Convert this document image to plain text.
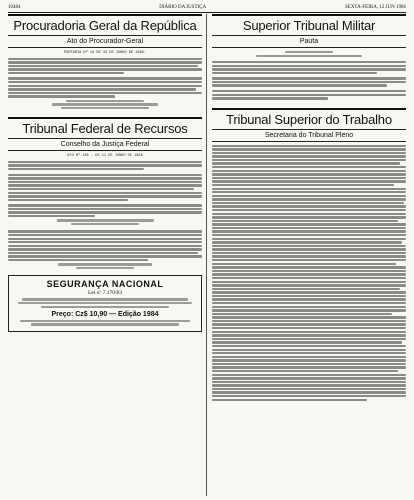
10484	DIÁRIO DA JUSTIÇA	SEXTA-FEIRA, 12 JUN 1986
Procuradoria Geral da República
Ato do Procurador-Geral
PORTARIA Nº 14 DE 10 DE JUNHO DE 1986.
Tribunal Federal de Recursos
Conselho da Justiça Federal
ATO Nº 185 - DE 11 DE JUNHO DE 1986
SEGURANÇA NACIONAL
Lei nº 7.170/83
Preço: Cz$ 10,90 — Edição 1984
Superior Tribunal Militar
Pauta
Tribunal Superior do Trabalho
Secretaria do Tribunal Pleno
